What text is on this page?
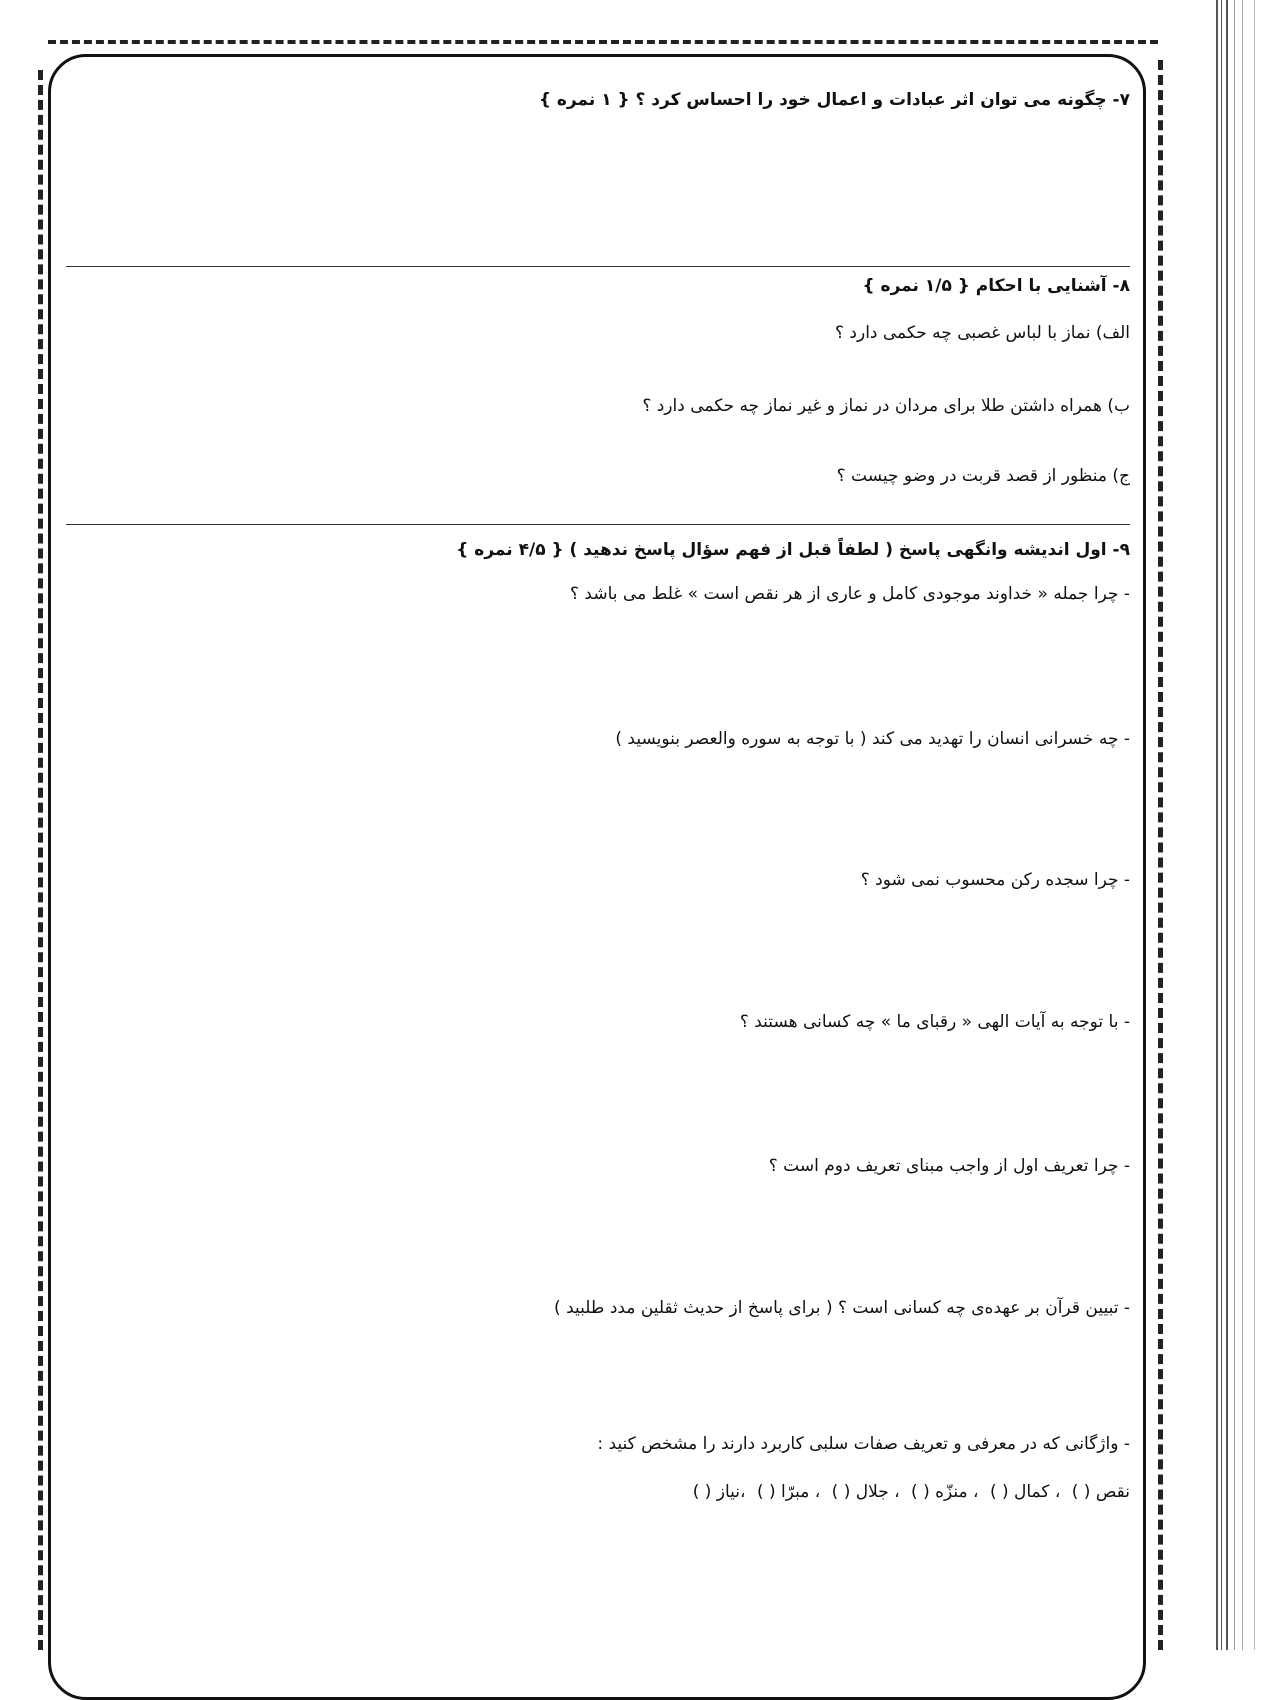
۷- چگونه می توان اثر عبادات و اعمال خود را احساس کرد ؟ { ۱ نمره }
۸- آشنایی با احکام { ۱/۵ نمره }
الف) نماز با لباس غصبی چه حکمی دارد ؟
ب) همراه داشتن طلا برای مردان در نماز و غیر نماز چه حکمی دارد ؟
ج) منظور از قصد قربت در وضو چیست ؟
۹- اول اندیشه وانگهی پاسخ ( لطفاً قبل از فهم سؤال پاسخ ندهید ) { ۴/۵ نمره }
- چرا جمله « خداوند موجودی کامل و عاری از هر نقص است » غلط می باشد ؟
- چه خسرانی انسان را تهدید می کند ( با توجه به سوره والعصر بنویسید )
- چرا سجده رکن محسوب نمی شود ؟
- با توجه به آیات الهی « رقبای ما » چه کسانی هستند ؟
- چرا تعریف اول از واجب مبنای تعریف دوم است ؟
- تبیین قرآن بر عهده‌ی چه کسانی است ؟ ( برای پاسخ از حدیث ثقلین مدد طلبید )
- واژگانی که در معرفی و تعریف صفات سلبی کاربرد دارند را مشخص کنید :
نقص ( ) ، کمال ( ) ، منزّه ( ) ، جلال ( ) ، مبرّا ( ) ،نیاز ( )
